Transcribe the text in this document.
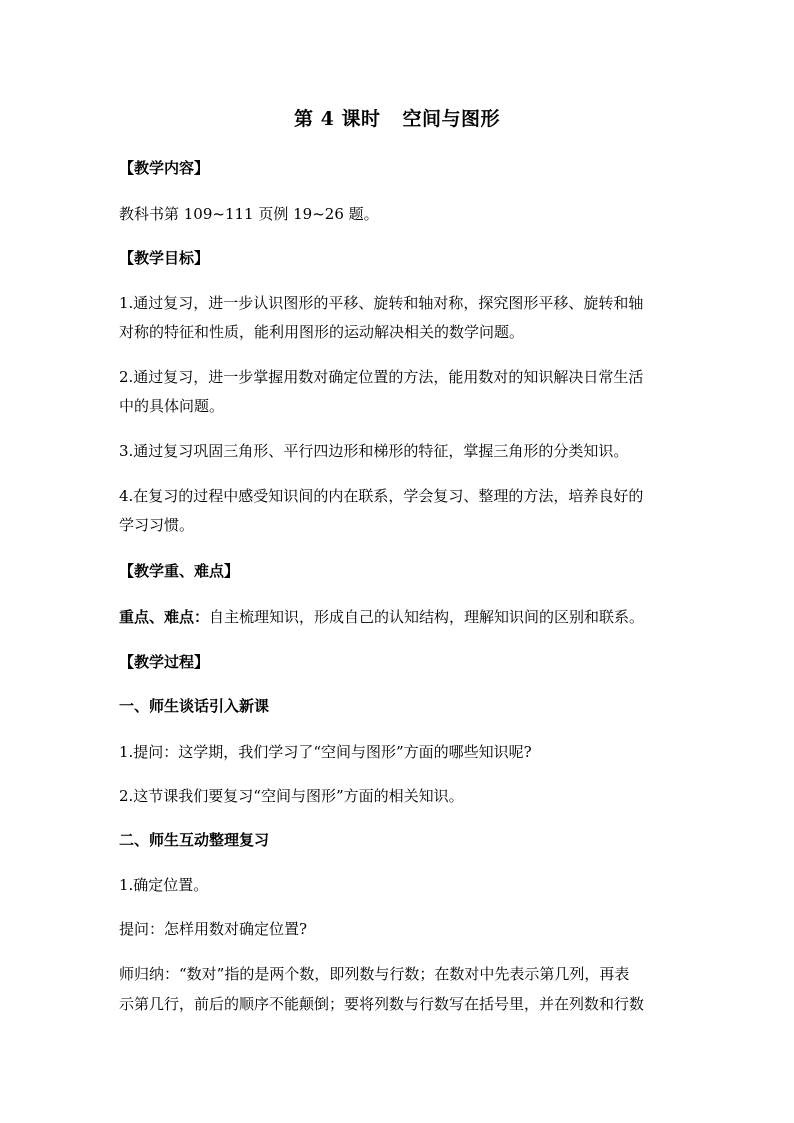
第 4 课时 空间与图形
【教学内容】
教科书第 109~111 页例 19~26 题。
【教学目标】
1.通过复习，进一步认识图形的平移、旋转和轴对称，探究图形平移、旋转和轴
对称的特征和性质，能利用图形的运动解决相关的数学问题。
2.通过复习，进一步掌握用数对确定位置的方法，能用数对的知识解决日常生活
中的具体问题。
3.通过复习巩固三角形、平行四边形和梯形的特征，掌握三角形的分类知识。
4.在复习的过程中感受知识间的内在联系，学会复习、整理的方法，培养良好的
学习习惯。
【教学重、难点】
重点、难点：自主梳理知识，形成自己的认知结构，理解知识间的区别和联系。
【教学过程】
一、师生谈话引入新课
1.提问：这学期，我们学习了“空间与图形”方面的哪些知识呢?
2.这节课我们要复习“空间与图形”方面的相关知识。
二、师生互动整理复习
1.确定位置。
提问：怎样用数对确定位置?
师归纳：“数对”指的是两个数，即列数与行数；在数对中先表示第几列，再表
示第几行，前后的顺序不能颠倒；要将列数与行数写在括号里，并在列数和行数
